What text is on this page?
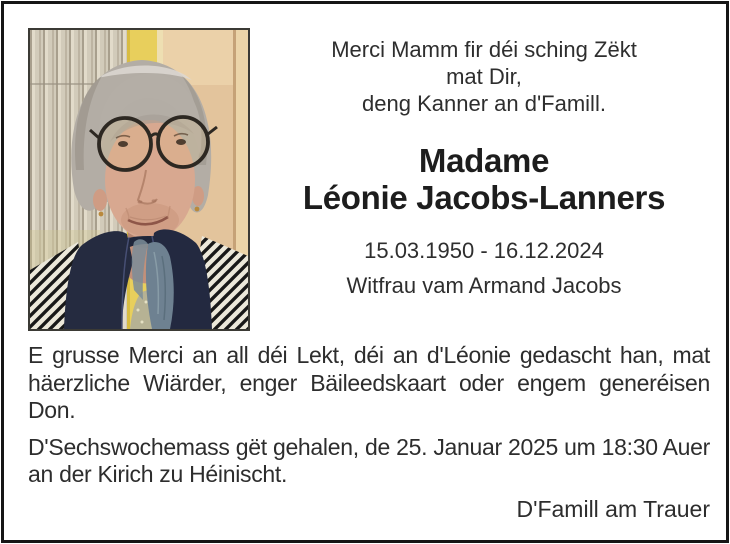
Merci Mamm fir déi sching Zëkt
mat Dir,
deng Kanner an d'Famill.
Madame
Léonie Jacobs-Lanners
15.03.1950 - 16.12.2024
Witfrau vam Armand Jacobs

E grusse Merci an all déi Lekt, déi an d'Léonie gedascht han, mat häerzliche Wiärder, enger Bäileedskaart oder engem generéisen Don.

D'Sechswochemass gët gehalen, de 25. Januar 2025 um 18:30 Auer an der Kirich zu Héinischt.

D'Famill am Trauer
